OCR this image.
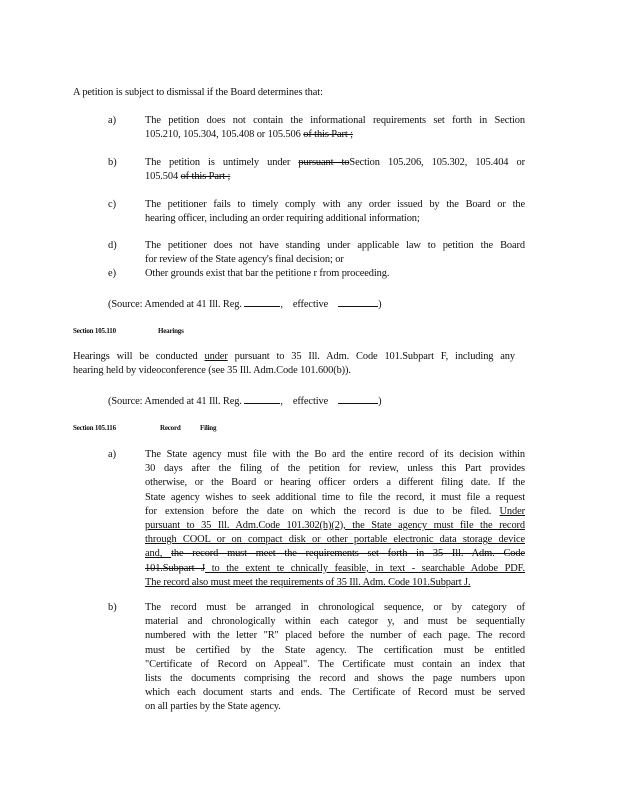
A petition is subject to dismissal if the Board determines that:
a)	The petition does not contain the informational requirements set forth in Section
105.210, 105.304, 105.408 or 105.506 of this Part ;
b)	The petition is untimely under pursuant toSection 105.206, 105.302, 105.404 or
105.504 of this Part ;
c)	The petitioner fails to timely comply with any order issued by the Board or the
hearing officer, including an order requiring additional information;
d)	The petitioner does not have standing under applicable law to petition the Board
for review of the State agency's final decision; or
e)	Other grounds exist that bar the petitione r from proceeding.
(Source: Amended at 41 Ill. Reg.	, effective	)
Section 105.110	Hearings
Hearings will be conducted under pursuant to 35 Ill. Adm. Code 101.Subpart F, including any
hearing held by videoconference (see 35 Ill. Adm.Code 101.600(b)).
(Source: Amended at 41 Ill. Reg.	, effective	)
Section 105.116	Record	Filing
a)	The State agency must file with the Bo ard the entire record of its decision within
30 days after the filing of the petition for review, unless this Part provides
otherwise, or the Board or hearing officer orders a different filing date. If the
State agency wishes to seek additional time to file the record, it must file a request
for extension before the date on which the record is due to be filed. Under
pursuant to 35 Ill. Adm.Code 101.302(h)(2), the State agency must file the record
through COOL or on compact disk or other portable electronic data storage device
and, the record must meet the requirements set forth in 35 Ill. Adm. Code
101.Subpart J to the extent te chnically feasible, in text - searchable Adobe PDF.
The record also must meet the requirements of 35 Ill. Adm. Code 101.Subpart J.
b)	The record must be arranged in chronological sequence, or by category of
material and chronologically within each categor y, and must be sequentially
numbered with the letter "R" placed before the number of each page. The record
must be certified by the State agency. The certification must be entitled
"Certificate of Record on Appeal". The Certificate must contain an index that
lists the documents comprising the record and shows the page numbers upon
which each document starts and ends. The Certificate of Record must be served
on all parties by the State agency.
